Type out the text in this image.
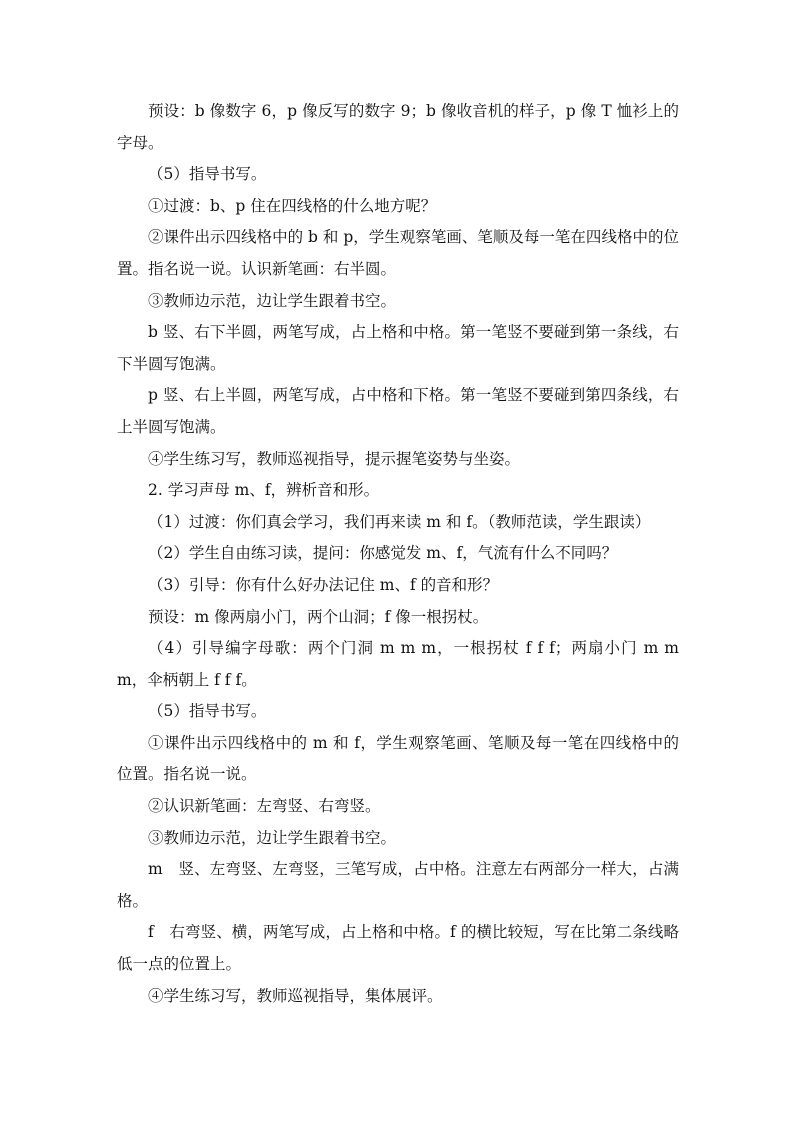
预设：b 像数字 6，p 像反写的数字 9；b 像收音机的样子，p 像 T 恤衫上的字母。

（5）指导书写。

①过渡：b、p 住在四线格的什么地方呢？

②课件出示四线格中的 b 和 p，学生观察笔画、笔顺及每一笔在四线格中的位置。指名说一说。认识新笔画：右半圆。

③教师边示范，边让学生跟着书空。

b 竖、右下半圆，两笔写成，占上格和中格。第一笔竖不要碰到第一条线，右下半圆写饱满。

p 竖、右上半圆，两笔写成，占中格和下格。第一笔竖不要碰到第四条线，右上半圆写饱满。

④学生练习写，教师巡视指导，提示握笔姿势与坐姿。

2. 学习声母 m、f，辨析音和形。

（1）过渡：你们真会学习，我们再来读 m 和 f。（教师范读，学生跟读）

（2）学生自由练习读，提问：你感觉发 m、f，气流有什么不同吗？

（3）引导：你有什么好办法记住 m、f 的音和形？

预设：m 像两扇小门，两个山洞；f 像一根拐杖。

（4）引导编字母歌：两个门洞 m m m，一根拐杖 f f f；两扇小门 m m m，伞柄朝上 f f f。

（5）指导书写。

①课件出示四线格中的 m 和 f，学生观察笔画、笔顺及每一笔在四线格中的位置。指名说一说。

②认识新笔画：左弯竖、右弯竖。

③教师边示范，边让学生跟着书空。

m　竖、左弯竖、左弯竖，三笔写成，占中格。注意左右两部分一样大，占满格。

f　右弯竖、横，两笔写成，占上格和中格。f 的横比较短，写在比第二条线略低一点的位置上。

④学生练习写，教师巡视指导，集体展评。
